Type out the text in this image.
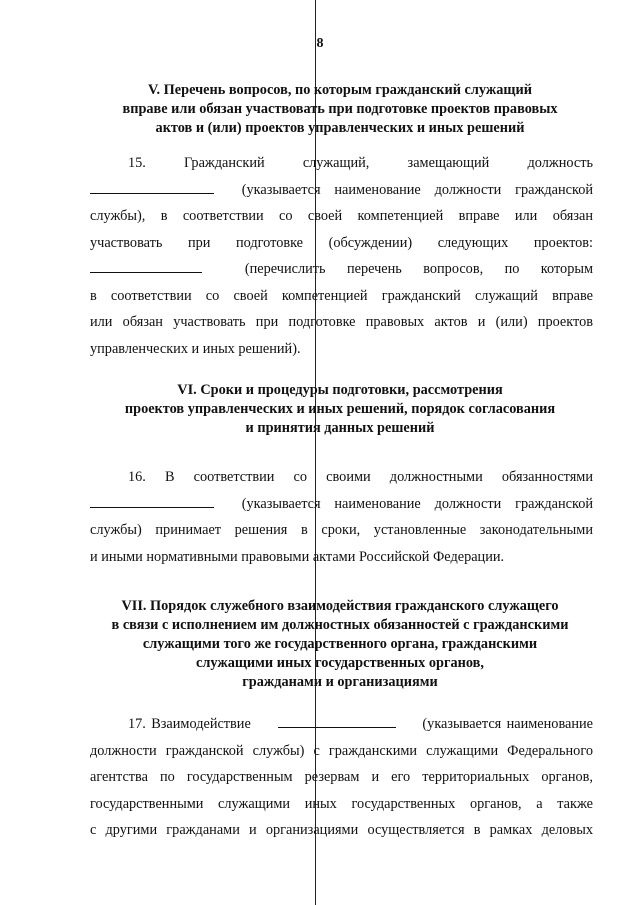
8
V. Перечень вопросов, по которым гражданский служащий
вправе или обязан участвовать при подготовке проектов правовых
актов и (или) проектов управленческих и иных решений
15. Гражданский служащий, замещающий должность
(указывается наименование должности гражданской
службы), в соответствии со своей компетенцией вправе или обязан
участвовать при подготовке (обсуждении) следующих проектов:
(перечислить перечень вопросов, по которым
в соответствии со своей компетенцией гражданский служащий вправе
или обязан участвовать при подготовке правовых актов и (или) проектов
управленческих и иных решений).
VI. Сроки и процедуры подготовки, рассмотрения
проектов управленческих и иных решений, порядок согласования
и принятия данных решений
16. В соответствии со своими должностными обязанностями
(указывается наименование должности гражданской
службы) принимает решения в сроки, установленные законодательными
и иными нормативными правовыми актами Российской Федерации.
VII. Порядок служебного взаимодействия гражданского служащего
в связи с исполнением им должностных обязанностей с гражданскими
служащими того же государственного органа, гражданскими
служащими иных государственных органов,
гражданами и организациями
17. Взаимодействие	(указывается наименование
должности гражданской службы) с гражданскими служащими Федерального
агентства по государственным резервам и его территориальных органов,
государственными служащими иных государственных органов, а также
с другими гражданами и организациями осуществляется в рамках деловых
